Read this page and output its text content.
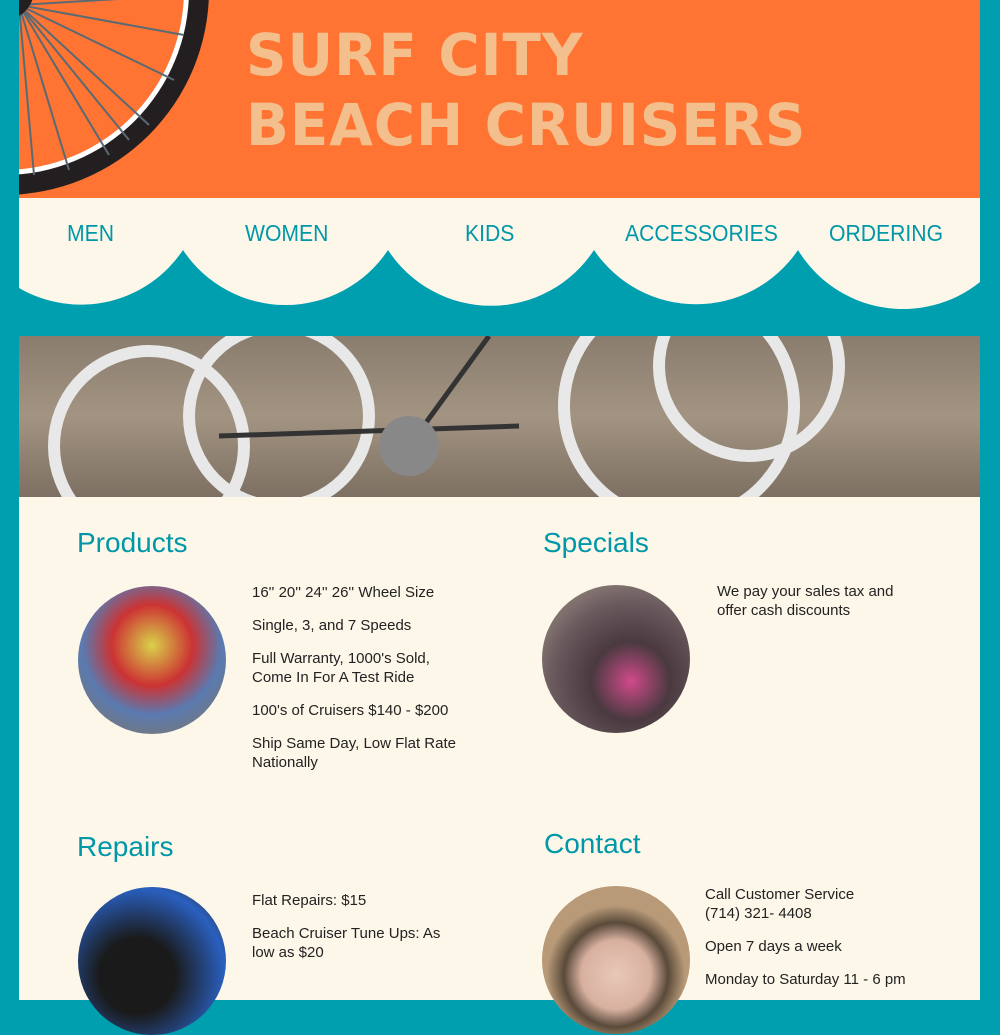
SURF CITY
BEACH CRUISERS
MEN	WOMEN	KIDS	ACCESSORIES ORDERING
Products

16'' 20'' 24'' 26'' Wheel Size

Single, 3, and 7 Speeds

Full Warranty, 1000's Sold, Come In For A Test Ride

100's of Cruisers $140 - $200

Ship Same Day, Low Flat Rate Nationally

Specials

We pay your sales tax and offer cash discounts

Repairs

Flat Repairs: $15

Beach Cruiser Tune Ups: As low as $20

Contact

Call Customer Service
(714) 321- 4408

Open 7 days a week

Monday to Saturday 11 - 6 pm
